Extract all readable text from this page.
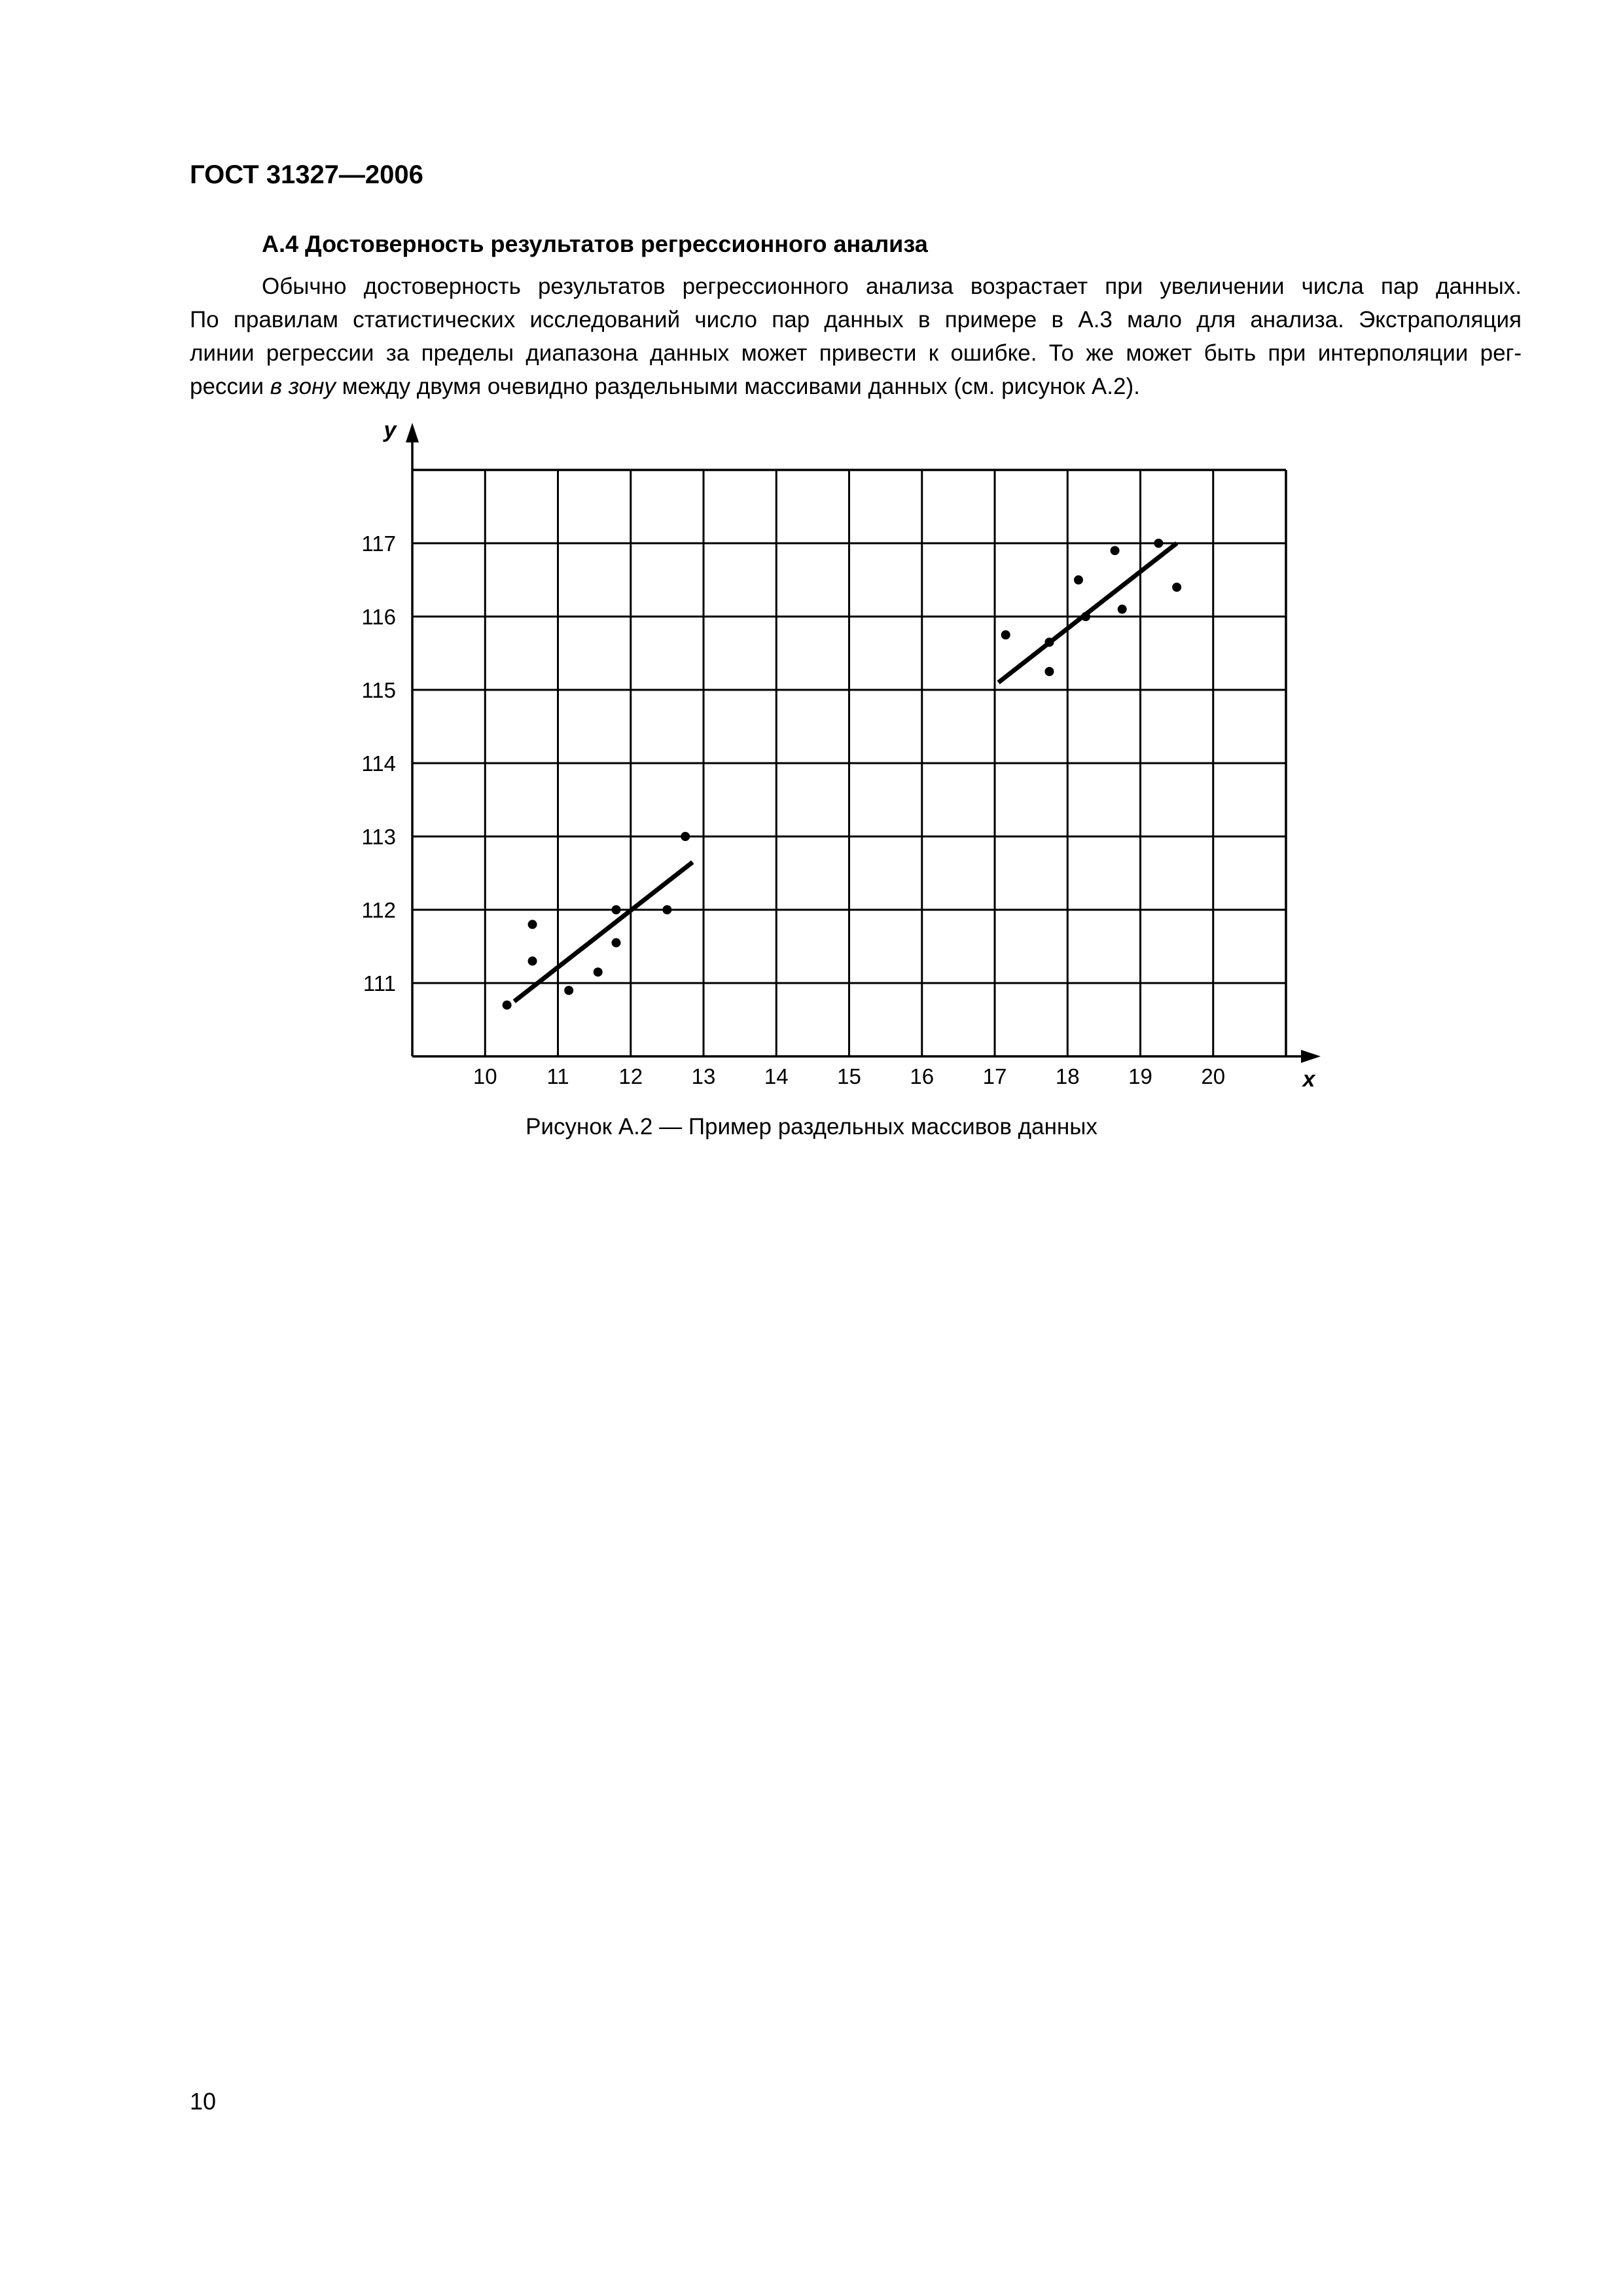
ГОСТ 31327—2006
А.4 Достоверность результатов регрессионного анализа

Обычно достоверность результатов регрессионного анализа возрастает при увеличении числа пар данных.

По правилам статистических исследований число пар данных в примере в А.3 мало для анализа. Экстраполяция

линии регрессии за пределы диапазона данных может привести к ошибке. То же может быть при интерполяции рег-

рессии в зону между двумя очевидно раздельными массивами данных (см. рисунок А.2).

x
y
10 11 12 13 14 15 16 17 18 19 20
111
112
113
114
115
116
117
Рисунок А.2 — Пример раздельных массивов данных
10
